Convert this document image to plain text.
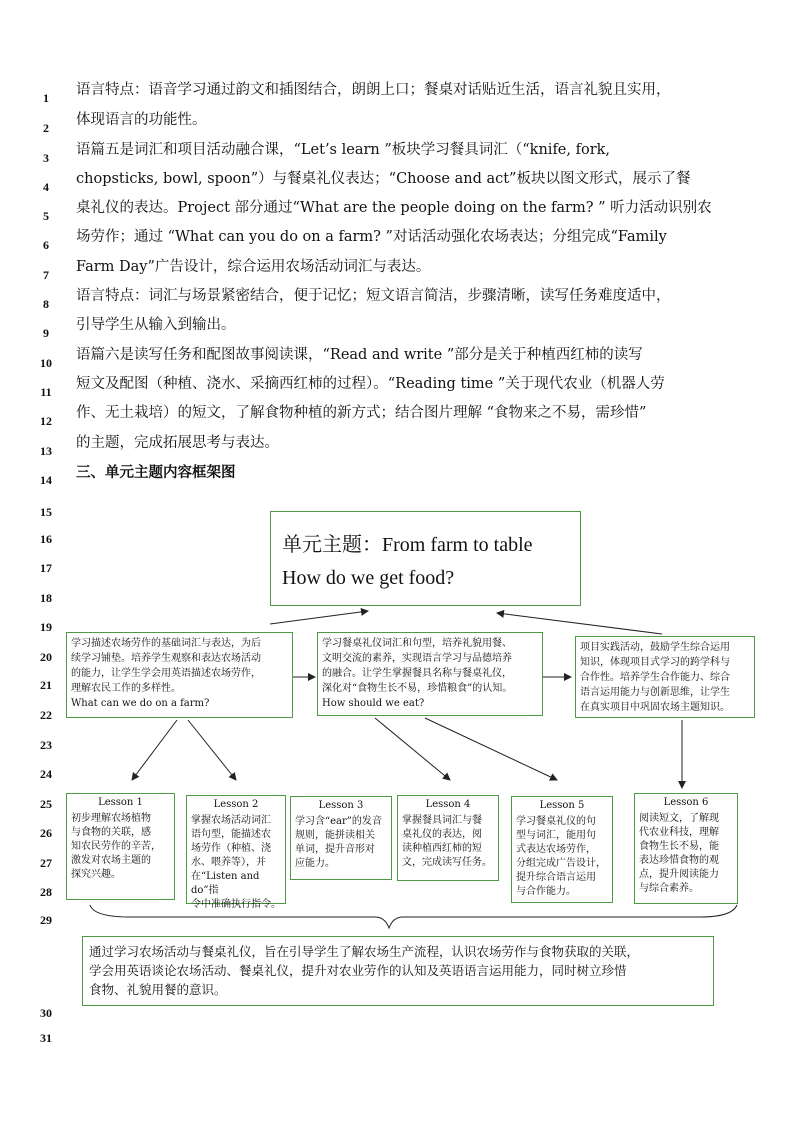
1
2
3
4
5
6
7
8
9
10
11
12
13
14
15
16
17
18
19
20
21
22
23
24
25
26
27
28
29
30
31
语言特点：语音学习通过韵文和插图结合，朗朗上口；餐桌对话贴近生活，语言礼貌且实用，
体现语言的功能性。
语篇五是词汇和项目活动融合课，“Let’s learn ”板块学习餐具词汇（“knife, fork,
chopsticks, bowl, spoon”）与餐桌礼仪表达；“Choose and act”板块以图文形式，展示了餐
桌礼仪的表达。Project 部分通过“What are the people doing on the farm? ” 听力活动识别农
场劳作；通过 “What can you do on a farm? ”对话活动强化农场表达；分组完成“Family
Farm Day”广告设计，综合运用农场活动词汇与表达。
语言特点：词汇与场景紧密结合，便于记忆；短文语言简洁，步骤清晰，读写任务难度适中，
引导学生从输入到输出。
语篇六是读写任务和配图故事阅读课，“Read and write ”部分是关于种植西红柿的读写
短文及配图（种植、浇水、采摘西红柿的过程）。“Reading time ”关于现代农业（机器人劳
作、无土栽培）的短文，了解食物种植的新方式；结合图片理解 “食物来之不易，需珍惜”
的主题，完成拓展思考与表达。
三、单元主题内容框架图
单元主题：From farm to table
How do we get food?
学习描述农场劳作的基础词汇与表达，为后
续学习铺垫。培养学生观察和表达农场活动
的能力，让学生学会用英语描述农场劳作，
理解农民工作的多样性。
What can we do on a farm?
学习餐桌礼仪词汇和句型，培养礼貌用餐、
文明交流的素养，实现语言学习与品德培养
的融合。让学生掌握餐具名称与餐桌礼仪，
深化对“食物生长不易，珍惜粮食”的认知。
How should we eat?
项目实践活动，鼓励学生综合运用
知识，体现项目式学习的跨学科与
合作性。培养学生合作能力、综合
语言运用能力与创新思维，让学生
在真实项目中巩固农场主题知识。
Lesson 1
初步理解农场植物
与食物的关联，感
知农民劳作的辛苦，
激发对农场主题的
探究兴趣。
Lesson 2
掌握农场活动词汇
语句型，能描述农
场劳作（种植、浇
水、喂养等），并
在“Listen and do”指
令中准确执行指令。
Lesson 3
学习含“ear”的发音
规则，能拼读相关
单词，提升音形对
应能力。
Lesson 4
掌握餐具词汇与餐
桌礼仪的表达，阅
读种植西红柿的短
文，完成读写任务。
Lesson 5
学习餐桌礼仪的句
型与词汇，能用句
式表达农场劳作，
分组完成广告设计，
提升综合语言运用
与合作能力。
Lesson 6
阅读短文，了解现
代农业科技，理解
食物生长不易，能
表达珍惜食物的观
点，提升阅读能力
与综合素养。
通过学习农场活动与餐桌礼仪，旨在引导学生了解农场生产流程，认识农场劳作与食物获取的关联，
学会用英语谈论农场活动、餐桌礼仪，提升对农业劳作的认知及英语语言运用能力，同时树立珍惜
食物、礼貌用餐的意识。
